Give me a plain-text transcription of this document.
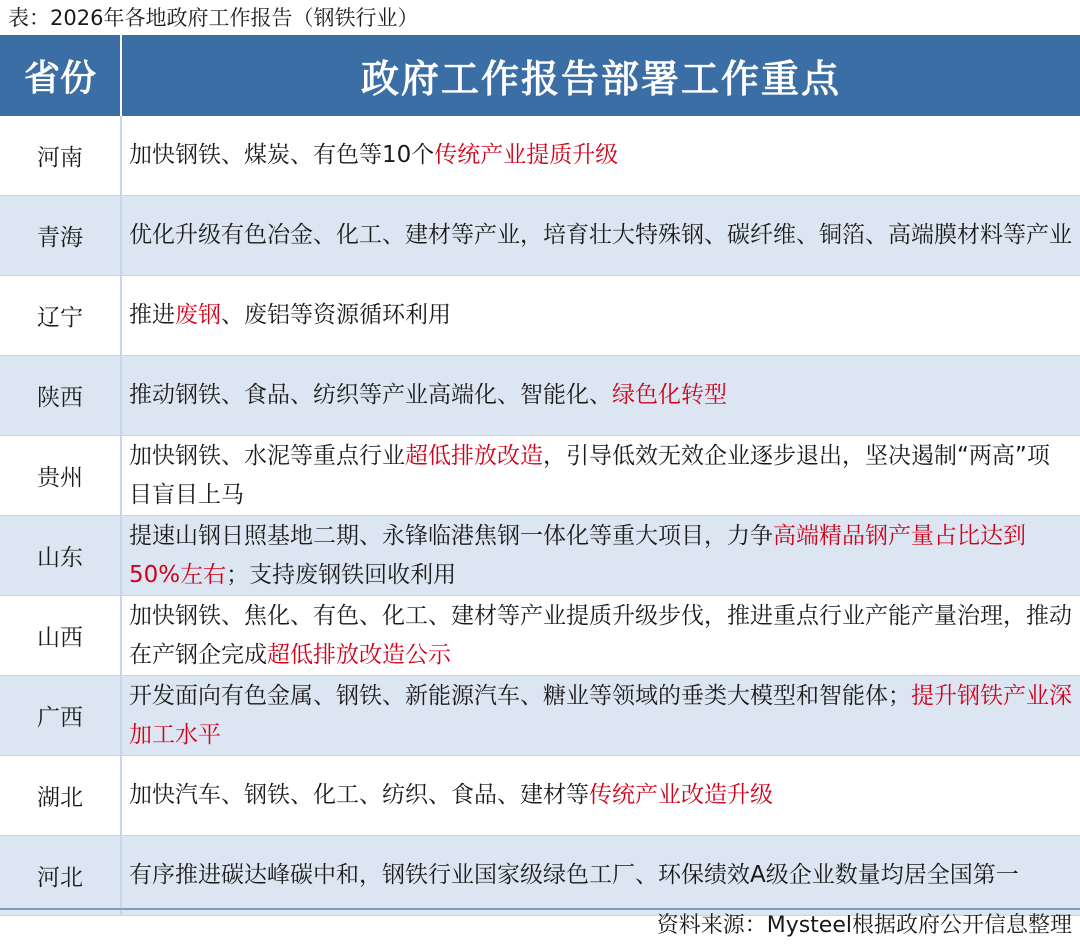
表：2026年各地政府工作报告（钢铁行业）
省份	政府工作报告部署工作重点
河南	加快钢铁、煤炭、有色等10个传统产业提质升级
青海	优化升级有色冶金、化工、建材等产业，培育壮大特殊钢、碳纤维、铜箔、高端膜材料等产业
辽宁	推进废钢、废铝等资源循环利用
陕西	推动钢铁、食品、纺织等产业高端化、智能化、绿色化转型
贵州	加快钢铁、水泥等重点行业超低排放改造，引导低效无效企业逐步退出，坚决遏制“两高”项目盲目上马
山东	提速山钢日照基地二期、永锋临港焦钢一体化等重大项目，力争高端精品钢产量占比达到50%左右；支持废钢铁回收利用
山西	加快钢铁、焦化、有色、化工、建材等产业提质升级步伐，推进重点行业产能产量治理，推动在产钢企完成超低排放改造公示
广西	开发面向有色金属、钢铁、新能源汽车、糖业等领域的垂类大模型和智能体；提升钢铁产业深加工水平
湖北	加快汽车、钢铁、化工、纺织、食品、建材等传统产业改造升级
河北	有序推进碳达峰碳中和，钢铁行业国家级绿色工厂、环保绩效A级企业数量均居全国第一
资料来源：Mysteel根据政府公开信息整理
